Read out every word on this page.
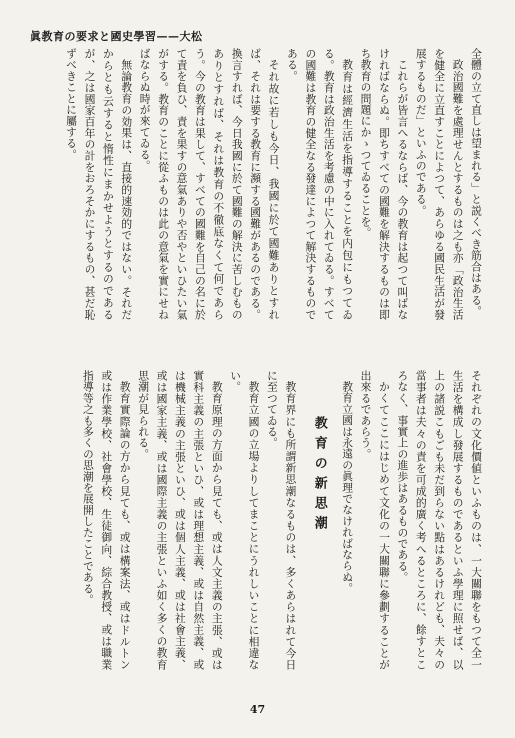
眞教育の要求と國史學習——大松

全體の立て直しは望まれる」と説くべき筋合はある。

政治國難を處理せんとするものは之も亦「政治生活を健全に立直すことによつて、あらゆる國民生活が發展するものだ」といふのである。

これらが皆言へるならば、今の教育は起つて叫ばなければならぬ。即ちすべての國難を解決するものは即ち教育の問題にかゝつてゐることを。

教育は經濟生活を指導することを内包にもつてゐる。教育は政治生活を考慮の中に入れてゐる。すべての國難は教育の健全なる發達によつて解決するものである。

それ故に若しも今日、我國に於て國難ありとすれば、それは要する教育に瀕する國難があるのである。換言すれば、今日我國に於て國難の解決に苦しむものありとすれば、それは教育の不徹底なくて何であらう。今の教育は果して、すべての國難を自己の名に於て責を負ひ、責を果すの意氣ありや否やといひたい氣がする。教育のことに從ふものは此の意氣を實にせねばならぬ時が來てゐる。

無論教育の効果は、直接的速効的ではない。それだからとも云すると惰性にまかせようとするのであるが、之は國家百年の計をおろそかにするもの、甚だ恥ずべきことに屬する。

それぞれの文化價値といふものは、一大關聯をもつて全一生活を構成し發展するものであるといふ學理に照せば、以上の諸説こもごも未だ到らない點はあるけれども、夫々の當事者は夫々の責を可成的廣く考へるところに、餘すところなく、事實上の進歩はあるものである。

かくてここにはじめて文化の一大關聯に參劃することが出來るであらう。

教育立國は永遠の眞理でなければならぬ。

教育の新思潮

教育界にも所謂新思潮なるものは、多くあらはれて今日に至つてゐる。

教育立國の立場よりしてまことにうれしいことに相違ない。

教育原理の方面から見ても、或は人文主義の主張、或は實科主義の主張といひ、或は理想主義、或は自然主義、或は機械主義の主張といひ、或は個人主義、或は社會主義、或は國家主義、或は國際主義の主張といふ如く多くの教育思潮が見られる。

教育實際論の方から見ても、或は構案法、或はドルトン或は作業學校、社會學校、生徒御向、綜合教授、或は職業指導等之も多くの思潮を展開したことである。

47
